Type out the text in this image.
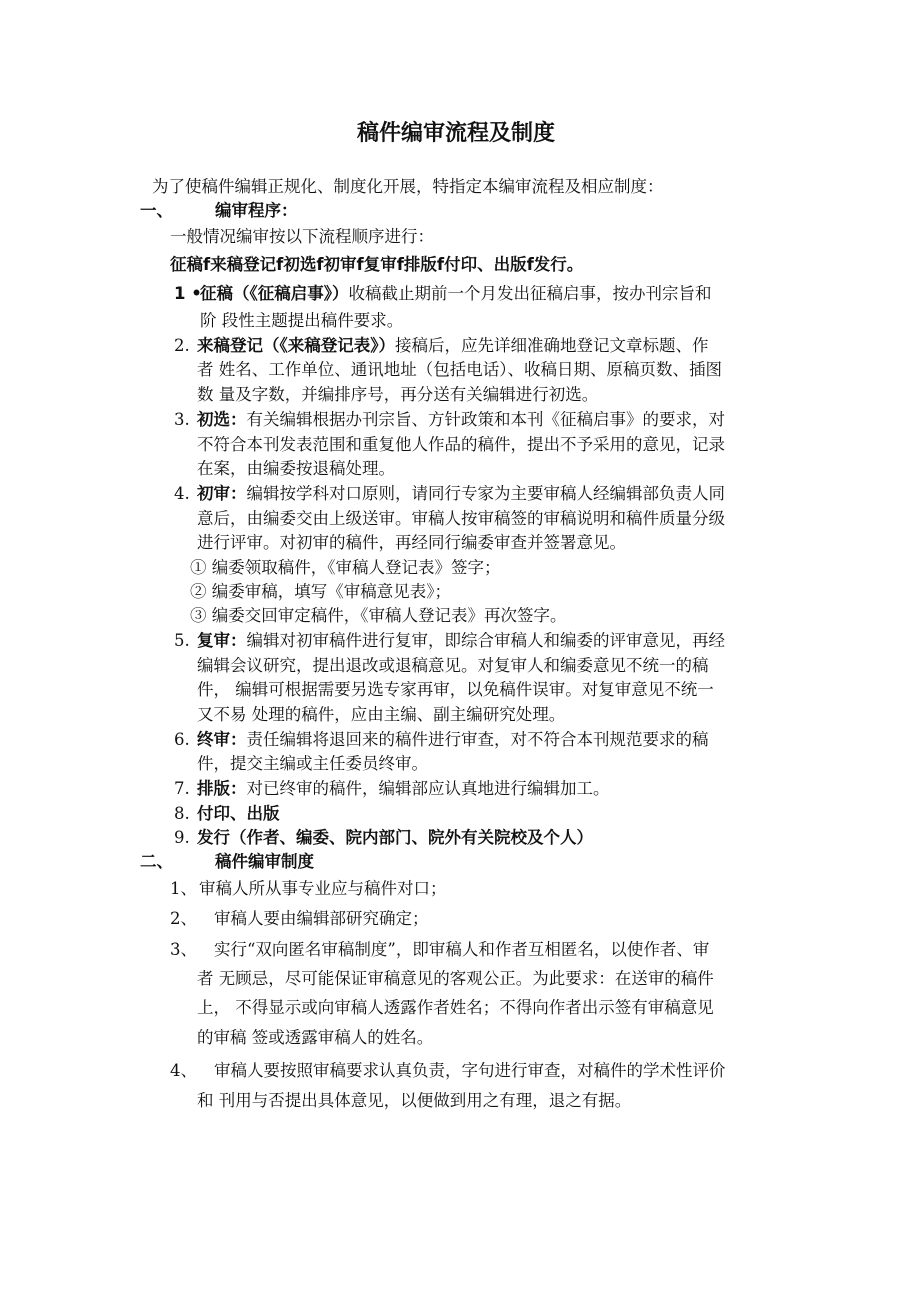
稿件编审流程及制度
为了使稿件编辑正规化、制度化开展，特指定本编审流程及相应制度：
一、	编审程序：
一般情况编审按以下流程顺序进行：
征稿f来稿登记f初选f初审f复审f排版f付印、出版f发行。
1 •
征稿（《征稿启事》）收稿截止期前一个月发出征稿启事，按办刊宗旨和
阶 段性主题提出稿件要求。
2. 来稿登记（《来稿登记表》）接稿后，应先详细准确地登记文章标题、作
者 姓名、工作单位、通讯地址（包括电话）、收稿日期、原稿页数、插图
数 量及字数，并编排序号，再分送有关编辑进行初选。
3. 初选：有关编辑根据办刊宗旨、方针政策和本刊《征稿启事》的要求，对
不符合本刊发表范围和重复他人作品的稿件，提出不予采用的意见，记录
在案，由编委按退稿处理。
4. 初审：编辑按学科对口原则，请同行专家为主要审稿人经编辑部负责人同
意后，由编委交由上级送审。审稿人按审稿签的审稿说明和稿件质量分级
进行评审。对初审的稿件，再经同行编委审查并签署意见。
① 编委领取稿件，《审稿人登记表》签字；
② 编委审稿，填写《审稿意见表》；
③ 编委交回审定稿件，《审稿人登记表》再次签字。
5. 复审：编辑对初审稿件进行复审，即综合审稿人和编委的评审意见，再经
编辑会议研究，提出退改或退稿意见。对复审人和编委意见不统一的稿
件， 编辑可根据需要另选专家再审，以免稿件误审。对复审意见不统一
又不易 处理的稿件，应由主编、副主编研究处理。
6. 终审：责任编辑将退回来的稿件进行审查，对不符合本刊规范要求的稿
件，提交主编或主任委员终审。
7. 排版：对已终审的稿件，编辑部应认真地进行编辑加工。
8. 付印、出版
9. 发行（作者、编委、院内部门、院外有关院校及个人）
二、	稿件编审制度
1、 审稿人所从事专业应与稿件对口；
2、 审稿人要由编辑部研究确定；
3、 实行“双向匿名审稿制度”，即审稿人和作者互相匿名，以使作者、审
者 无顾忌，尽可能保证审稿意见的客观公正。为此要求：在送审的稿件
上， 不得显示或向审稿人透露作者姓名；不得向作者出示签有审稿意见
的审稿 签或透露审稿人的姓名。
4、 审稿人要按照审稿要求认真负责，字句进行审查，对稿件的学术性评价
和 刊用与否提出具体意见，以便做到用之有理，退之有据。
